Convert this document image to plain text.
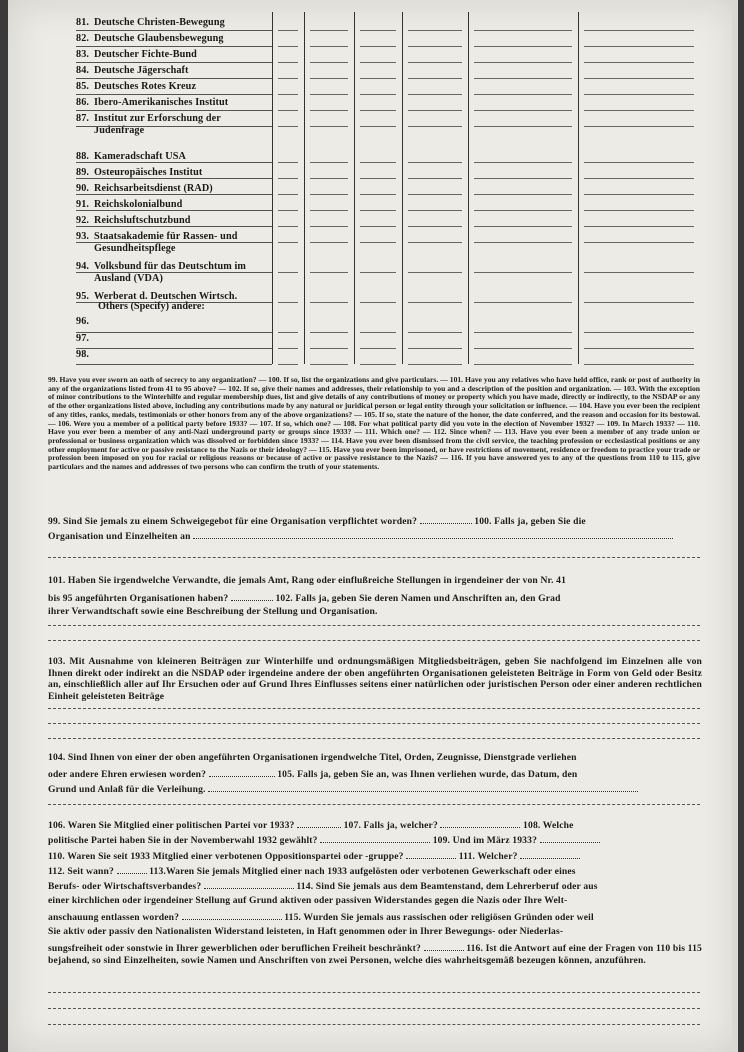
81. Deutsche Christen-Bewegung
82. Deutsche Glaubensbewegung
83. Deutscher Fichte-Bund
84. Deutsche Jägerschaft
85. Deutsches Rotes Kreuz
86. Ibero-Amerikanisches Institut
87. Institut zur Erforschung der Judenfrage
88. Kameradschaft USA
89. Osteuropäisches Institut
90. Reichsarbeitsdienst (RAD)
91. Reichskolonialbund
92. Reichsluftschutzbund
93. Staatsakademie für Rassen- und Gesundheitspflege
94. Volksbund für das Deutschtum im Ausland (VDA)
95. Werberat d. Deutschen Wirtsch.
Others (Specify) andere:
96.
97.
98.

99. Have you ever sworn an oath of secrecy to any organization? — 100. If so, list the organizations and give particulars. — 101. Have you any relatives who have held office, rank or post of authority in any of the organizations listed from 41 to 95 above? — 102. If so, give their names and addresses, their relationship to you and a description of the position and organization. — 103. With the exception of minor contributions to the Winterhilfe and regular membership dues, list and give details of any contributions of money or property which you have made, directly or indirectly, to the NSDAP or any of the other organizations listed above, including any contributions made by any natural or juridical person or legal entity through your solicitation or influence. — 104. Have you ever been the recipient of any titles, ranks, medals, testimonials or other honors from any of the above organizations? — 105. If so, state the nature of the honor, the date conferred, and the reason and occasion for its bestowal. — 106. Were you a member of a political party before 1933? — 107. If so, which one? — 108. For what political party did you vote in the election of November 1932? — 109. In March 1933? — 110. Have you ever been a member of any anti-Nazi underground party or groups since 1933? — 111. Which one? — 112. Since when? — 113. Have you ever been a member of any trade union or professional or business organization which was dissolved or forbidden since 1933? — 114. Have you ever been dismissed from the civil service, the teaching profession or ecclesiastical positions or any other employment for active or passive resistance to the Nazis or their ideology? — 115. Have you ever been imprisoned, or have restrictions of movement, residence or freedom to practice your trade or profession been imposed on you for racial or religious reasons or because of active or passive resistance to the Nazis? — 116. If you have answered yes to any of the questions from 110 to 115, give particulars and the names and addresses of two persons who can confirm the truth of your statements.

99. Sind Sie jemals zu einem Schweigegebot für eine Organisation verpflichtet worden?	100. Falls ja, geben Sie die

Organisation und Einzelheiten an

101. Haben Sie irgendwelche Verwandte, die jemals Amt, Rang oder einflußreiche Stellungen in irgendeiner der von Nr. 41

bis 95 angeführten Organisationen haben?	102. Falls ja, geben Sie deren Namen und Anschriften an, den Grad

ihrer Verwandtschaft sowie eine Beschreibung der Stellung und Organisation.

103. Mit Ausnahme von kleineren Beiträgen zur Winterhilfe und ordnungsmäßigen Mitgliedsbeiträgen, geben Sie nachfolgend im Einzelnen alle von Ihnen direkt oder indirekt an die NSDAP oder irgendeine andere der oben angeführten Organisationen geleisteten Beiträge in Form von Geld oder Besitz an, einschließlich aller auf Ihr Ersuchen oder auf Grund Ihres Einflusses seitens einer natürlichen oder juristischen Person oder einer anderen rechtlichen Einheit geleisteten Beiträge

104. Sind Ihnen von einer der oben angeführten Organisationen irgendwelche Titel, Orden, Zeugnisse, Dienstgrade verliehen

oder andere Ehren erwiesen worden?	105. Falls ja, geben Sie an, was Ihnen verliehen wurde, das Datum, den

Grund und Anlaß für die Verleihung.

106. Waren Sie Mitglied einer politischen Partei vor 1933?	107. Falls ja, welcher?	108. Welche

politische Partei haben Sie in der Novemberwahl 1932 gewählt?	109. Und im März 1933?

110. Waren Sie seit 1933 Mitglied einer verbotenen Oppositionspartei oder -gruppe?	111. Welcher?

112. Seit wann?	113.Waren Sie jemals Mitglied einer nach 1933 aufgelösten oder verbotenen Gewerkschaft oder eines

Berufs- oder Wirtschaftsverbandes?	114. Sind Sie jemals aus dem Beamtenstand, dem Lehrerberuf oder aus

einer kirchlichen oder irgendeiner Stellung auf Grund aktiven oder passiven Widerstandes gegen die Nazis oder Ihre Welt-

anschauung entlassen worden?	115. Wurden Sie jemals aus rassischen oder religiösen Gründen oder weil

Sie aktiv oder passiv den Nationalisten Widerstand leisteten, in Haft genommen oder in Ihrer Bewegungs- oder Niederlas-

sungsfreiheit oder sonstwie in Ihrer gewerblichen oder beruflichen Freiheit beschränkt?	116. Ist die Antwort auf eine der Fragen von 110 bis 115 bejahend, so sind Einzelheiten, sowie Namen und Anschriften von zwei Personen, welche dies wahrheitsgemäß bezeugen können, anzuführen.
